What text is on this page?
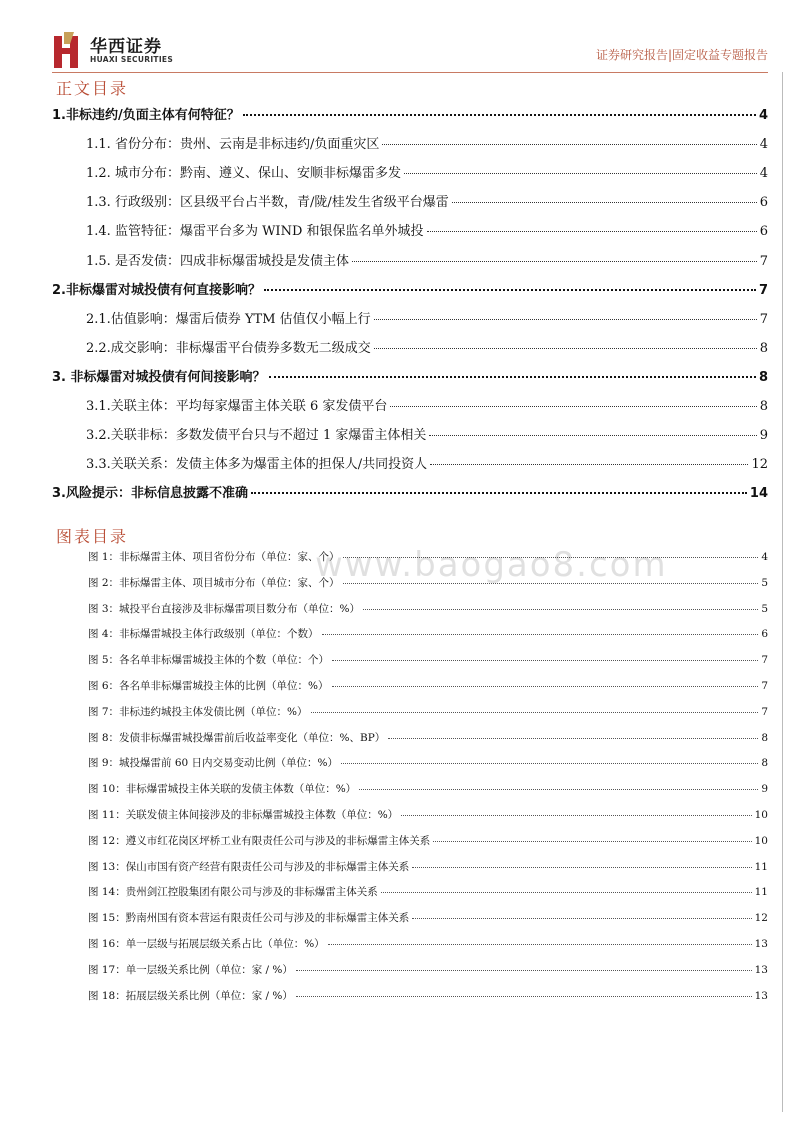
华西证券
HUAXI SECURITIES	证券研究报告|固定收益专题报告
正文目录
1.非标违约/负面主体有何特征？	4
1.1. 省份分布：贵州、云南是非标违约/负面重灾区	4
1.2. 城市分布：黔南、遵义、保山、安顺非标爆雷多发	4
1.3. 行政级别：区县级平台占半数，青/陇/桂发生省级平台爆雷	6
1.4. 监管特征：爆雷平台多为 WIND 和银保监名单外城投	6
1.5. 是否发债：四成非标爆雷城投是发债主体	7
2.非标爆雷对城投债有何直接影响？	7
2.1.估值影响：爆雷后债券 YTM 估值仅小幅上行	7
2.2.成交影响：非标爆雷平台债券多数无二级成交	8
3. 非标爆雷对城投债有何间接影响？	8
3.1.关联主体：平均每家爆雷主体关联 6 家发债平台	8
3.2.关联非标：多数发债平台只与不超过 1 家爆雷主体相关	9
3.3.关联关系：发债主体多为爆雷主体的担保人/共同投资人	12
3.风险提示：非标信息披露不准确	14
图表目录
图 1：非标爆雷主体、项目省份分布（单位：家、个）	4
图 2：非标爆雷主体、项目城市分布（单位：家、个）	5
图 3：城投平台直接涉及非标爆雷项目数分布（单位：%）	5
图 4：非标爆雷城投主体行政级别（单位：个数）	6
图 5：各名单非标爆雷城投主体的个数（单位：个）	7
图 6：各名单非标爆雷城投主体的比例（单位：%）	7
图 7：非标违约城投主体发债比例（单位：%）	7
图 8：发债非标爆雷城投爆雷前后收益率变化（单位：%、BP）	8
图 9：城投爆雷前 60 日内交易变动比例（单位：%）	8
图 10：非标爆雷城投主体关联的发债主体数（单位：%）	9
图 11：关联发债主体间接涉及的非标爆雷城投主体数（单位：%）	10
图 12：遵义市红花岗区坪桥工业有限责任公司与涉及的非标爆雷主体关系	10
图 13：保山市国有资产经营有限责任公司与涉及的非标爆雷主体关系	11
图 14：贵州剑江控股集团有限公司与涉及的非标爆雷主体关系	11
图 15：黔南州国有资本营运有限责任公司与涉及的非标爆雷主体关系	12
图 16：单一层级与拓展层级关系占比（单位：%）	13
图 17：单一层级关系比例（单位：家 / %）	13
图 18：拓展层级关系比例（单位：家 / %）	13
www.baogao8.com
